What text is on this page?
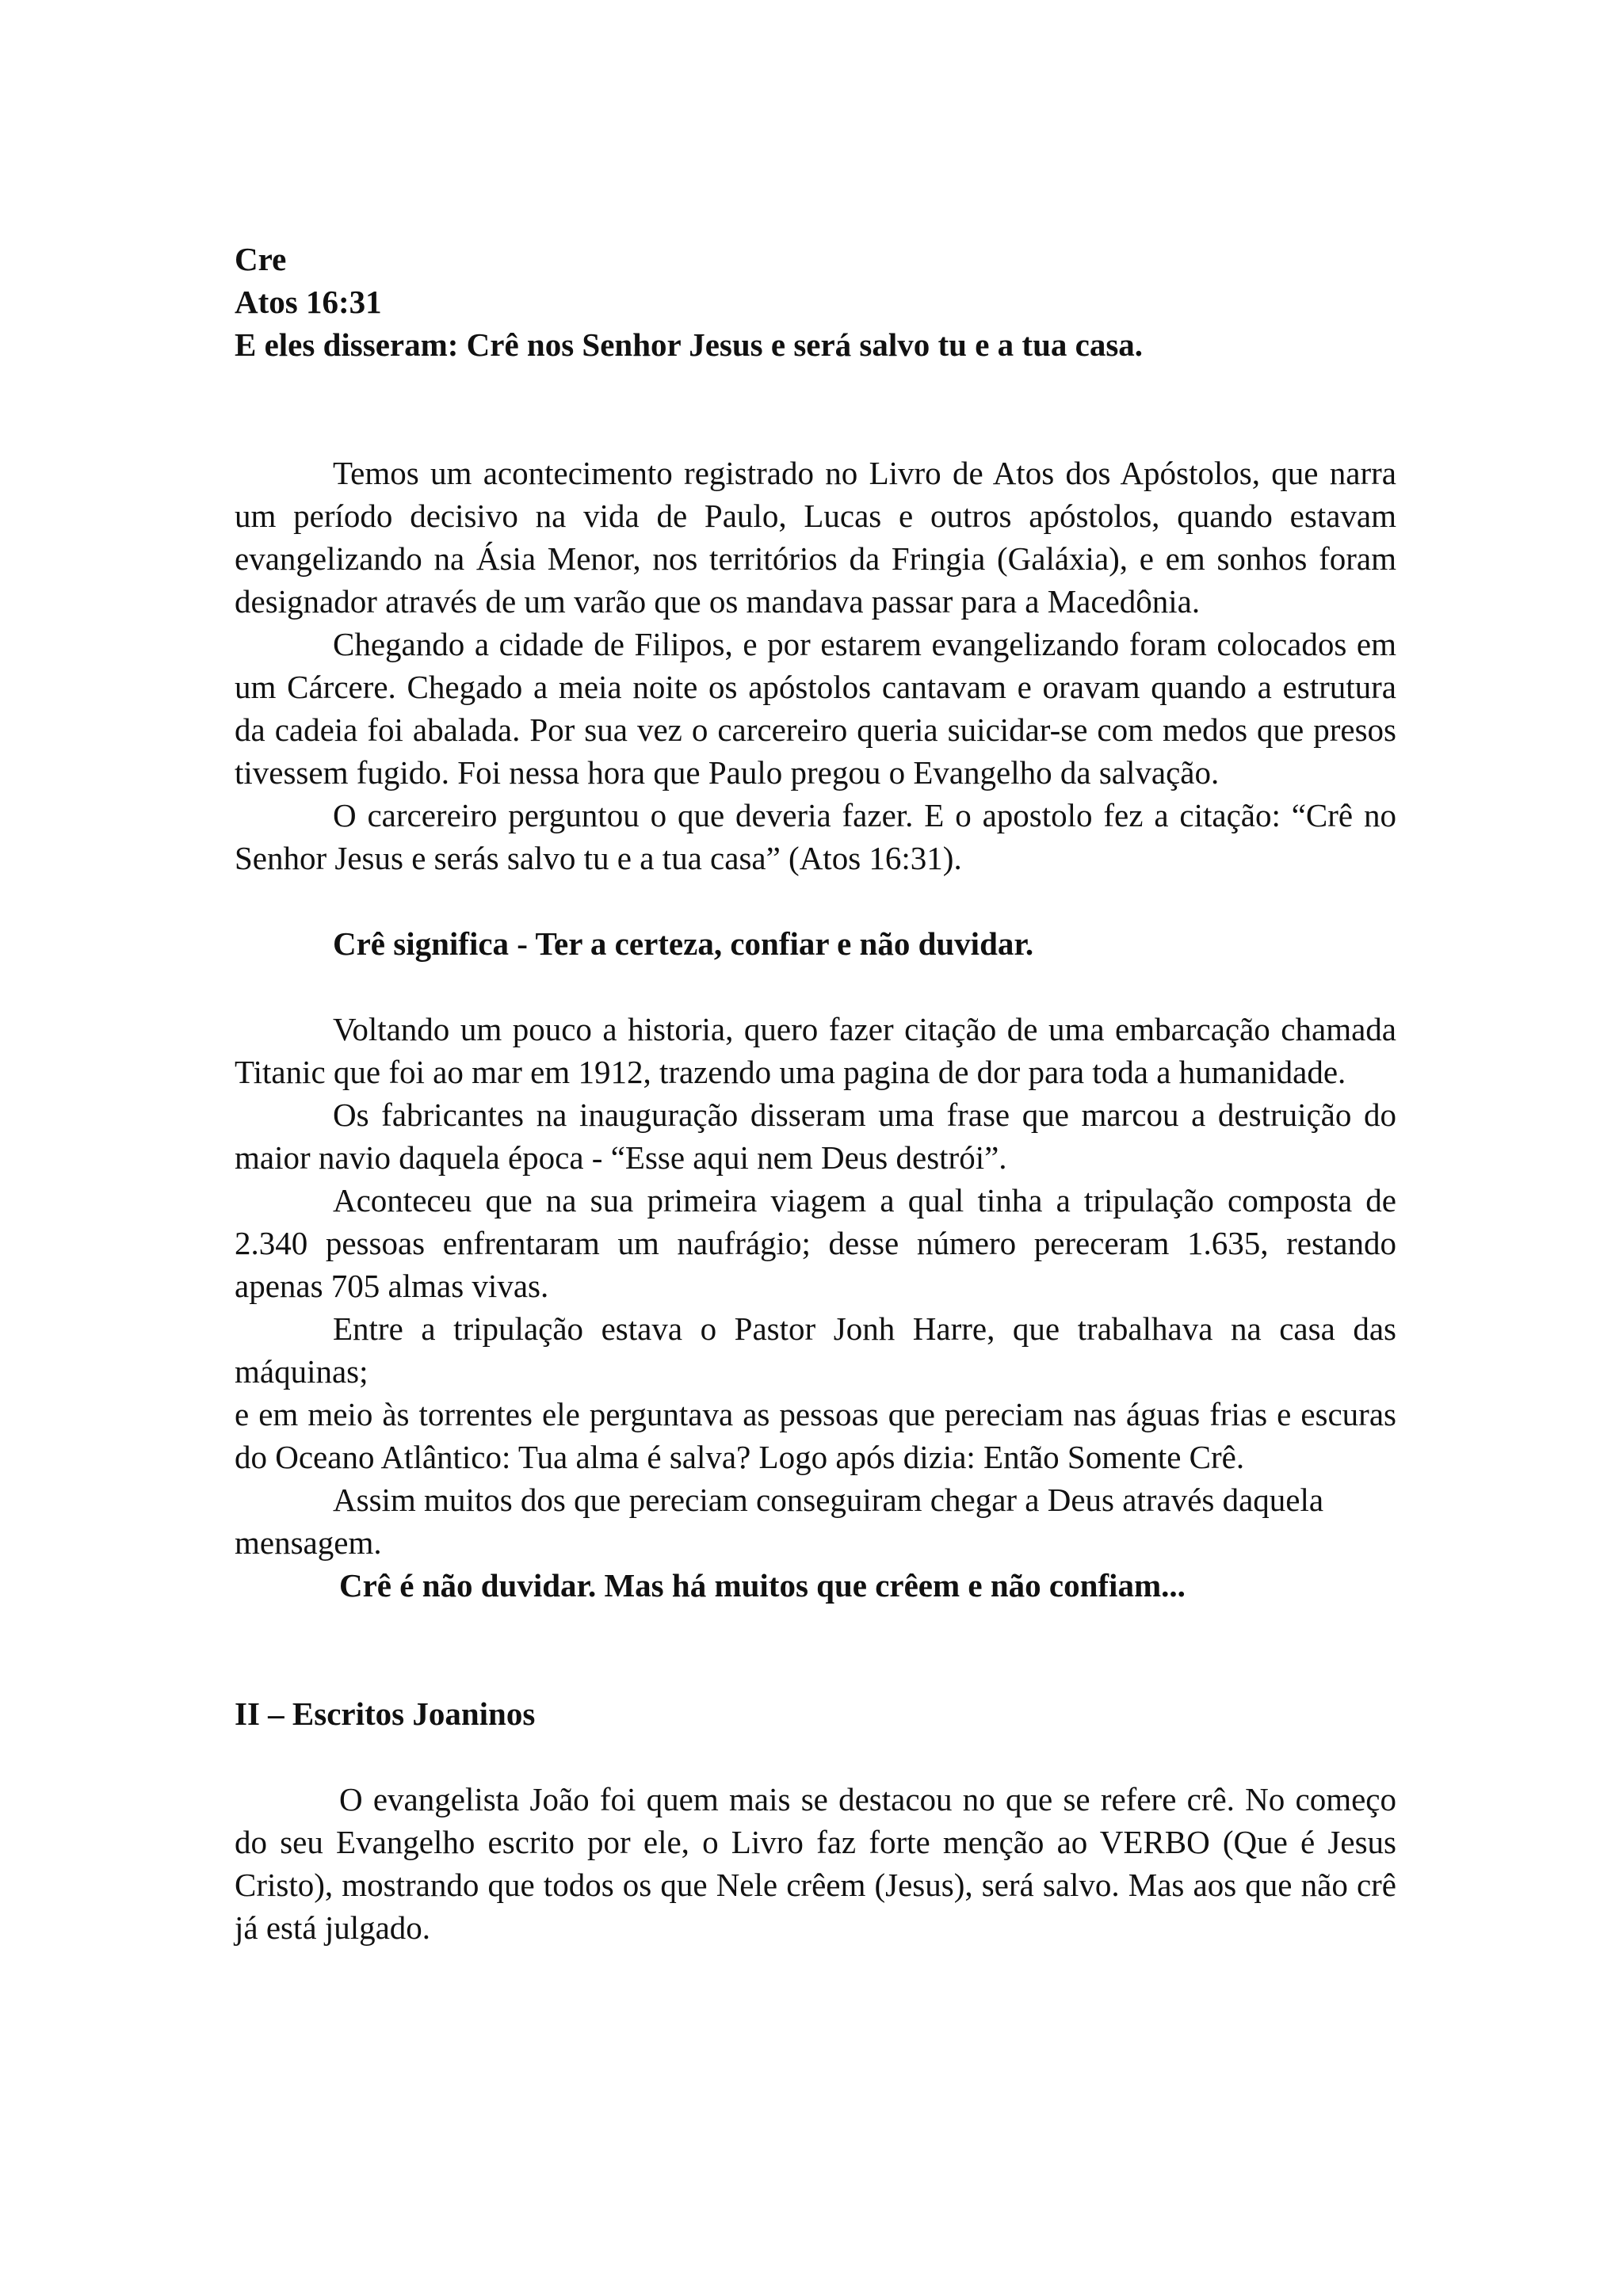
Cre
Atos 16:31
E eles disseram: Crê nos Senhor Jesus e será salvo tu e a tua casa.

Temos um acontecimento registrado no Livro de Atos dos Apóstolos, que narra um período decisivo na vida de Paulo, Lucas e outros apóstolos, quando estavam evangelizando na Ásia Menor, nos territórios da Fringia (Galáxia), e em sonhos foram designador através de um varão que os mandava passar para a Macedônia.

Chegando a cidade de Filipos, e por estarem evangelizando foram colocados em um Cárcere. Chegado a meia noite os apóstolos cantavam e oravam quando a estrutura da cadeia foi abalada. Por sua vez o carcereiro queria suicidar-se com medos que presos tivessem fugido. Foi nessa hora que Paulo pregou o Evangelho da salvação.

O carcereiro perguntou o que deveria fazer. E o apostolo fez a citação: “Crê no Senhor Jesus e serás salvo tu e a tua casa” (Atos 16:31).

Crê significa - Ter a certeza, confiar e não duvidar.

Voltando um pouco a historia, quero fazer citação de uma embarcação chamada Titanic que foi ao mar em 1912, trazendo uma pagina de dor para toda a humanidade.

Os fabricantes na inauguração disseram uma frase que marcou a destruição do maior navio daquela época - “Esse aqui nem Deus destrói”.

Aconteceu que na sua primeira viagem a qual tinha a tripulação composta de 2.340 pessoas enfrentaram um naufrágio; desse número pereceram 1.635, restando apenas 705 almas vivas.

Entre a tripulação estava o Pastor Jonh Harre, que trabalhava na casa das máquinas;

e em meio às torrentes ele perguntava as pessoas que pereciam nas águas frias e escuras do Oceano Atlântico: Tua alma é salva? Logo após dizia: Então Somente Crê.

Assim muitos dos que pereciam conseguiram chegar a Deus através daquela mensagem.

Crê é não duvidar. Mas há muitos que crêem e não confiam...

II – Escritos Joaninos

O evangelista João foi quem mais se destacou no que se refere crê. No começo do seu Evangelho escrito por ele, o Livro faz forte menção ao VERBO (Que é Jesus Cristo), mostrando que todos os que Nele crêem (Jesus), será salvo. Mas aos que não crê já está julgado.
